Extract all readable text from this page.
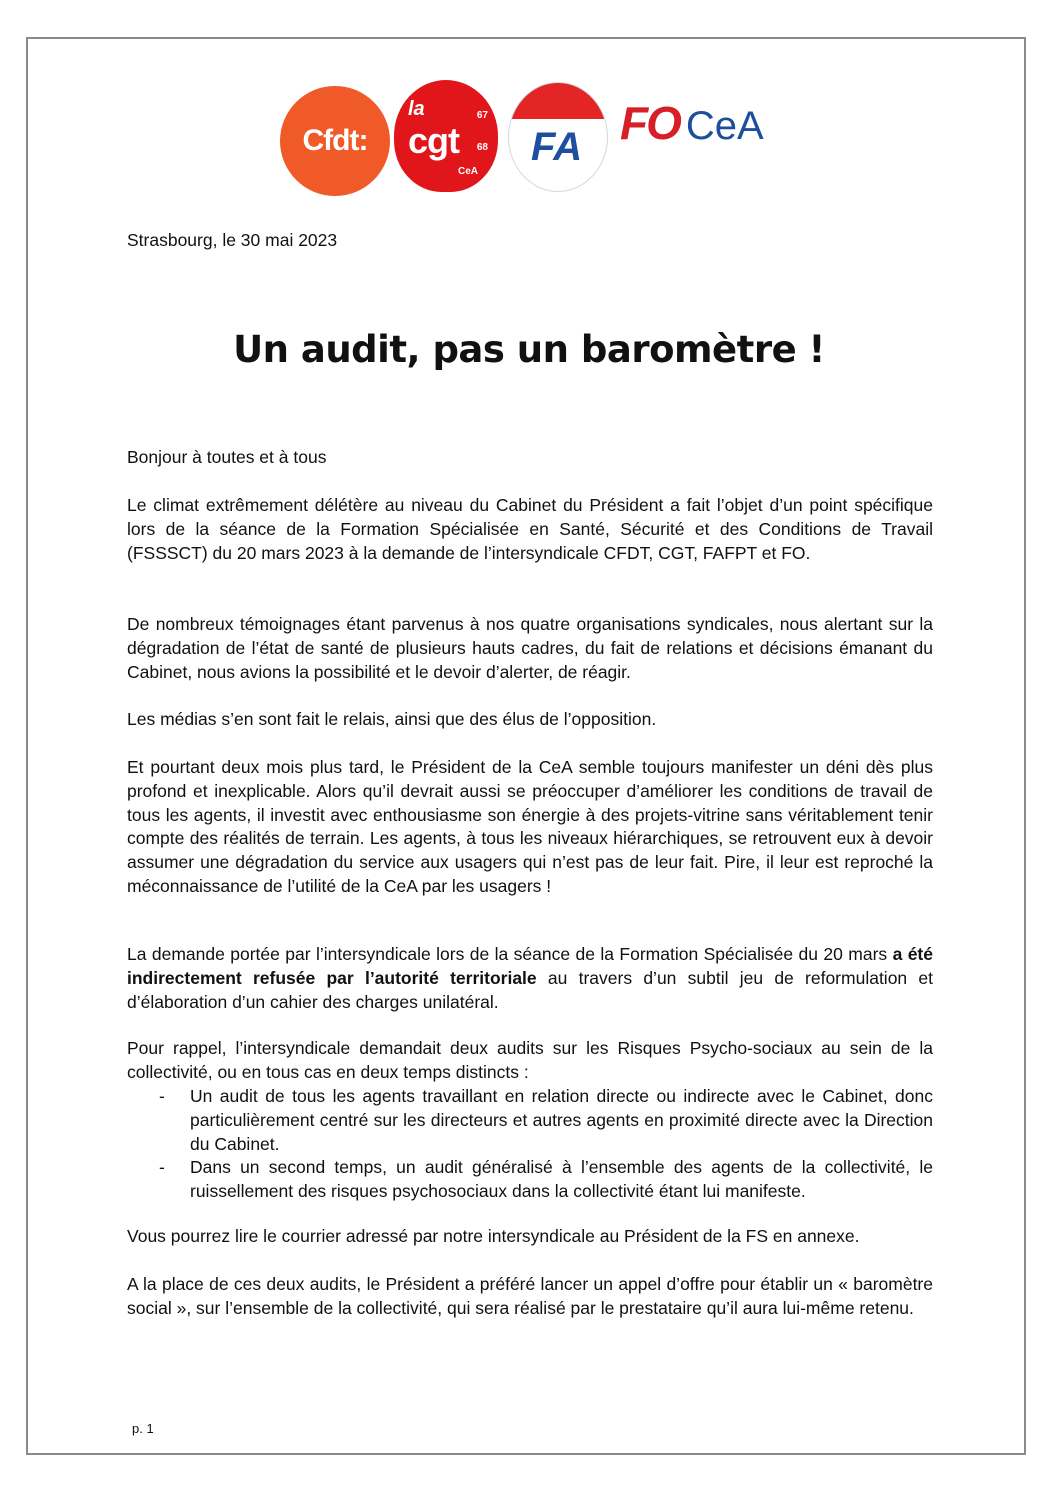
Cfdt:
la
cgt
67
68
CeA
FA FO CeA
Strasbourg, le 30 mai 2023
Un audit, pas un baromètre !

Bonjour à toutes et à tous

Le climat extrêmement délétère au niveau du Cabinet du Président a fait l’objet d’un point spécifique lors de la séance de la Formation Spécialisée en Santé, Sécurité et des Conditions de Travail (FSSSCT) du 20 mars 2023 à la demande de l’intersyndicale CFDT, CGT, FAFPT et FO.

De nombreux témoignages étant parvenus à nos quatre organisations syndicales, nous alertant sur la dégradation de l’état de santé de plusieurs hauts cadres, du fait de relations et décisions émanant du Cabinet, nous avions la possibilité et le devoir d’alerter, de réagir.

Les médias s’en sont fait le relais, ainsi que des élus de l’opposition.

Et pourtant deux mois plus tard, le Président de la CeA semble toujours manifester un déni dès plus profond et inexplicable. Alors qu’il devrait aussi se préoccuper d’améliorer les conditions de travail de tous les agents, il investit avec enthousiasme son énergie à des projets-vitrine sans véritablement tenir compte des réalités de terrain. Les agents, à tous les niveaux hiérarchiques, se retrouvent eux à devoir assumer une dégradation du service aux usagers qui n’est pas de leur fait. Pire, il leur est reproché la méconnaissance de l’utilité de la CeA par les usagers !

La demande portée par l’intersyndicale lors de la séance de la Formation Spécialisée du 20 mars a été indirectement refusée par l’autorité territoriale au travers d’un subtil jeu de reformulation et d’élaboration d’un cahier des charges unilatéral.

Pour rappel, l’intersyndicale demandait deux audits sur les Risques Psycho-sociaux au sein de la collectivité, ou en tous cas en deux temps distincts :

- Un audit de tous les agents travaillant en relation directe ou indirecte avec le Cabinet, donc particulièrement centré sur les directeurs et autres agents en proximité directe avec la Direction du Cabinet.
- Dans un second temps, un audit généralisé à l’ensemble des agents de la collectivité, le ruissellement des risques psychosociaux dans la collectivité étant lui manifeste.

Vous pourrez lire le courrier adressé par notre intersyndicale au Président de la FS en annexe.

A la place de ces deux audits, le Président a préféré lancer un appel d’offre pour établir un « baromètre social », sur l’ensemble de la collectivité, qui sera réalisé par le prestataire qu’il aura lui-même retenu.

p. 1
